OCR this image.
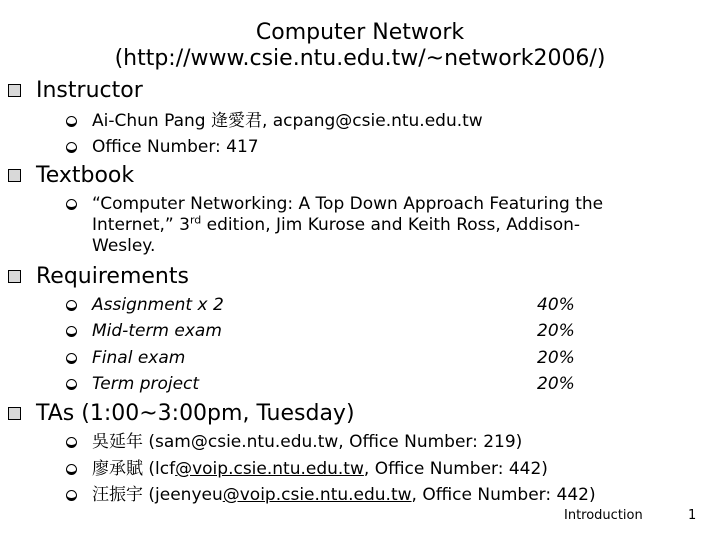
Computer Network
(http://www.csie.ntu.edu.tw/~network2006/)
Instructor
Ai-Chun Pang 逄愛君, acpang@csie.ntu.edu.tw
Office Number: 417
Textbook
“Computer Networking: A Top Down Approach Featuring the
Internet,” 3rd edition, Jim Kurose and Keith Ross, Addison-
Wesley.
Requirements
Assignment x 2	40%
Mid-term exam	20%
Final exam	20%
Term project	20%
TAs (1:00~3:00pm, Tuesday)
吳延年 (sam@csie.ntu.edu.tw, Office Number: 219)
廖承賦 (lcf@voip.csie.ntu.edu.tw, Office Number: 442)
汪振宇 (jeenyeu@voip.csie.ntu.edu.tw, Office Number: 442)
Introduction	1
